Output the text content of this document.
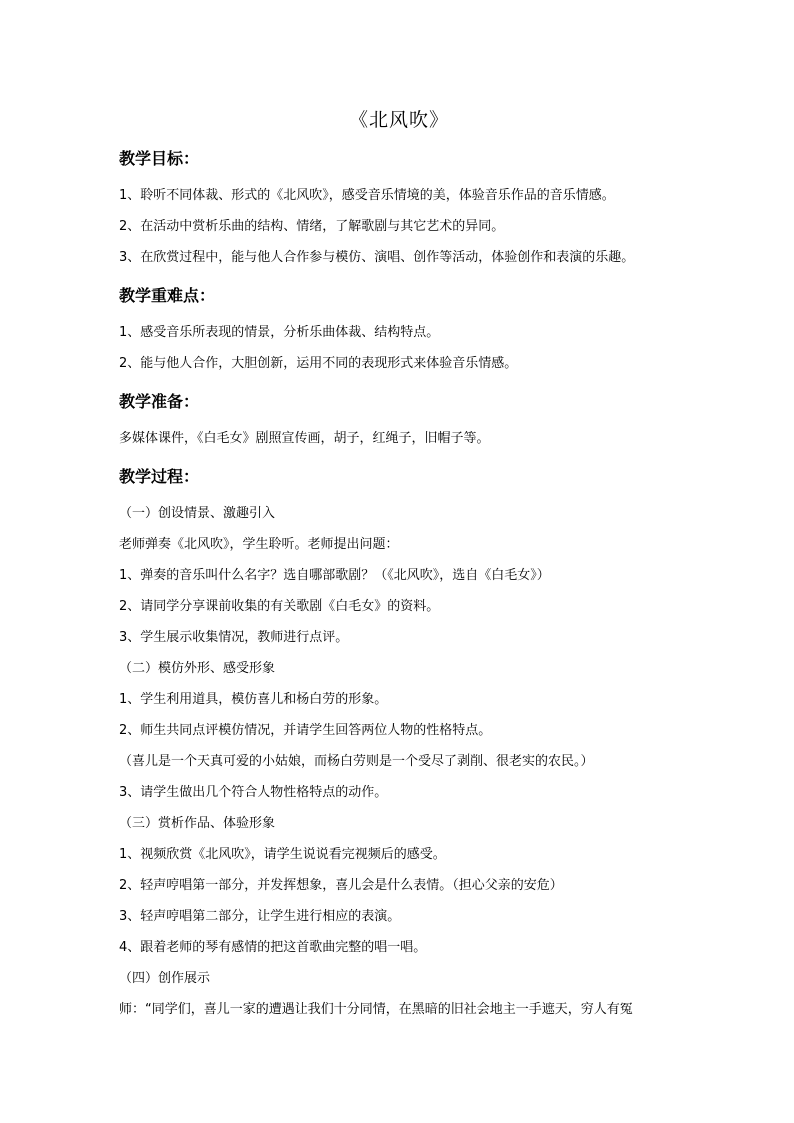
《北风吹》
教学目标：

1、聆听不同体裁、形式的《北风吹》，感受音乐情境的美，体验音乐作品的音乐情感。

2、在活动中赏析乐曲的结构、情绪，了解歌剧与其它艺术的异同。

3、在欣赏过程中，能与他人合作参与模仿、演唱、创作等活动，体验创作和表演的乐趣。

教学重难点：

1、感受音乐所表现的情景，分析乐曲体裁、结构特点。

2、能与他人合作，大胆创新，运用不同的表现形式来体验音乐情感。

教学准备：

多媒体课件，《白毛女》剧照宣传画，胡子，红绳子，旧帽子等。

教学过程：

（一）创设情景、激趣引入

老师弹奏《北风吹》，学生聆听。老师提出问题：

1、弹奏的音乐叫什么名字？选自哪部歌剧？（《北风吹》，选自《白毛女》）

2、请同学分享课前收集的有关歌剧《白毛女》的资料。

3、学生展示收集情况，教师进行点评。

（二）模仿外形、感受形象

1、学生利用道具，模仿喜儿和杨白劳的形象。

2、师生共同点评模仿情况，并请学生回答两位人物的性格特点。

（喜儿是一个天真可爱的小姑娘，而杨白劳则是一个受尽了剥削、很老实的农民。）

3、请学生做出几个符合人物性格特点的动作。

（三）赏析作品、体验形象

1、视频欣赏《北风吹》，请学生说说看完视频后的感受。

2、轻声哼唱第一部分，并发挥想象，喜儿会是什么表情。（担心父亲的安危）

3、轻声哼唱第二部分，让学生进行相应的表演。

4、跟着老师的琴有感情的把这首歌曲完整的唱一唱。

（四）创作展示

师：“同学们，喜儿一家的遭遇让我们十分同情，在黑暗的旧社会地主一手遮天，穷人有冤
